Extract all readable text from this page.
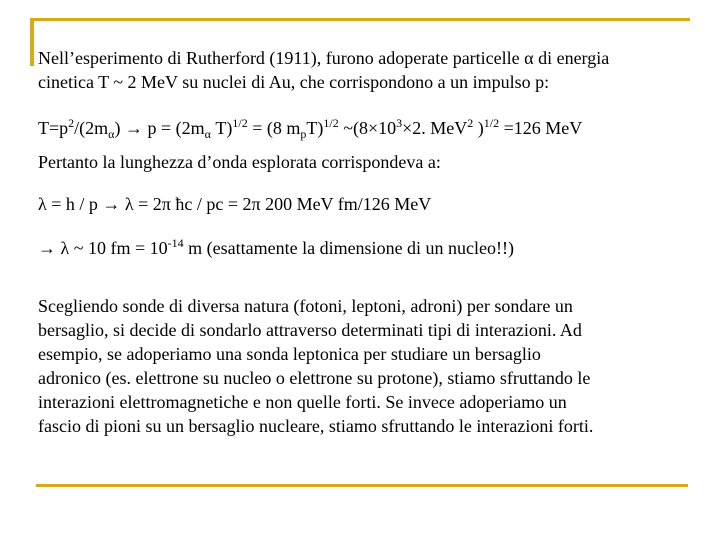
Nell’esperimento di Rutherford (1911), furono adoperate particelle α di energia
cinetica T ~ 2 MeV su nuclei di Au, che corrispondono a un impulso p:
$T=p^2/(2m_\alpha) \to p = (2m_\alpha$ T)$^{1/2}$ = (8 $m_pT)^{1/2}$ $\sim(8\times 10^3\times 2$. MeV$^2$ )$^{1/2}$ =126 MeV
Pertanto la lunghezza d’onda esplorata corrispondeva a:
λ = h / p → λ = 2π ħc / pc = 2π 200 MeV fm/126 MeV
→ λ ~ 10 fm = $10^{-14}$ m (esattamente la dimensione di un nucleo!!)
Scegliendo sonde di diversa natura (fotoni, leptoni, adroni) per sondare un
bersaglio, si decide di sondarlo attraverso determinati tipi di interazioni. Ad
esempio, se adoperiamo una sonda leptonica per studiare un bersaglio
adronico (es. elettrone su nucleo o elettrone su protone), stiamo sfruttando le
interazioni elettromagnetiche e non quelle forti. Se invece adoperiamo un
fascio di pioni su un bersaglio nucleare, stiamo sfruttando le interazioni forti.
